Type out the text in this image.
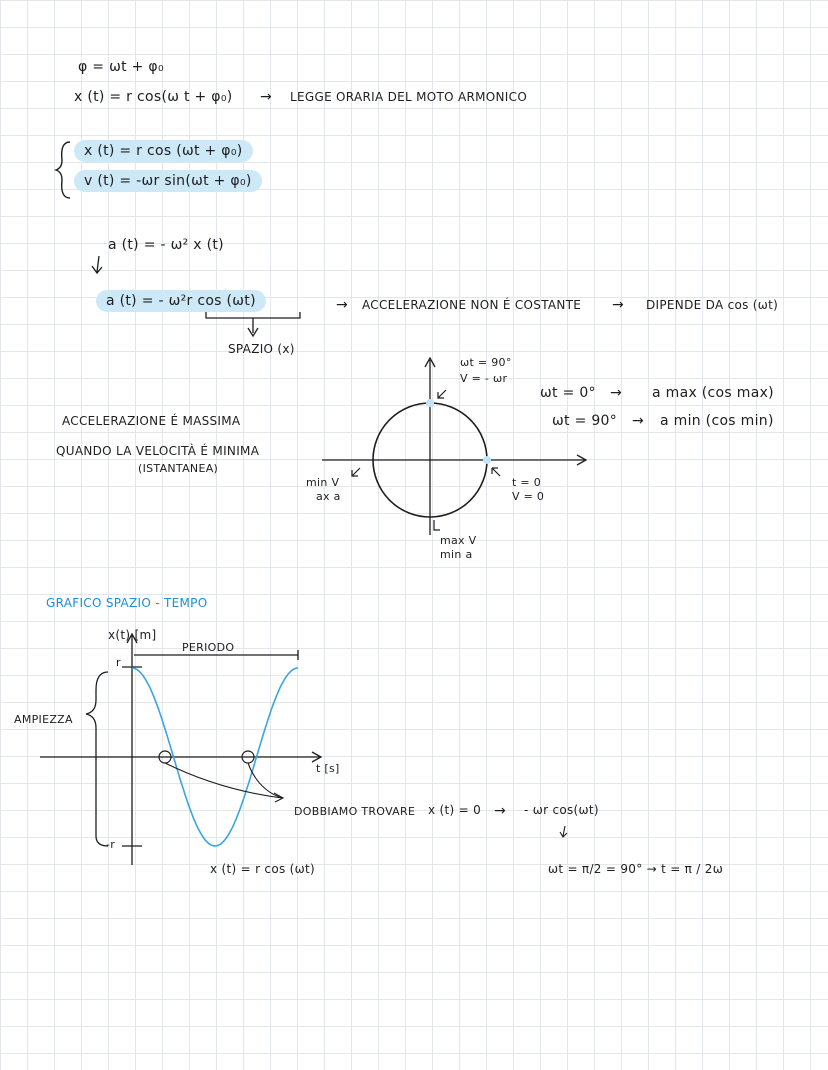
φ = ωt + φ₀
x (t) = r cos(ω t + φ₀) → LEGGE ORARIA DEL MOTO ARMONICO
x (t) = r cos (ωt + φ₀)
v (t) = -ωr sin(ωt + φ₀)
a (t) = - ω² x (t)
a (t) = - ω²r cos (ωt)
SPAZIO (x)
→ ACCELERAZIONE NON É COSTANTE → DIPENDE DA cos (ωt)
ACCELERAZIONE É MASSIMA
QUANDO LA VELOCITÀ É MINIMA
(ISTANTANEA)
ωt = 90°
V = - ωr
min V
ax a
t = 0
V = 0
max V
min a
ωt = 0° → a max (cos max)
ωt = 90° → a min (cos min)
GRAFICO SPAZIO - TEMPO
x(t) [m]
PERIODO
AMPIEZZA
r
-r
t [s]
x (t) = r cos (ωt)
DOBBIAMO TROVARE x (t) = 0 → - ωr cos(ωt)
ωt = π/2 = 90° → t = π / 2ω
